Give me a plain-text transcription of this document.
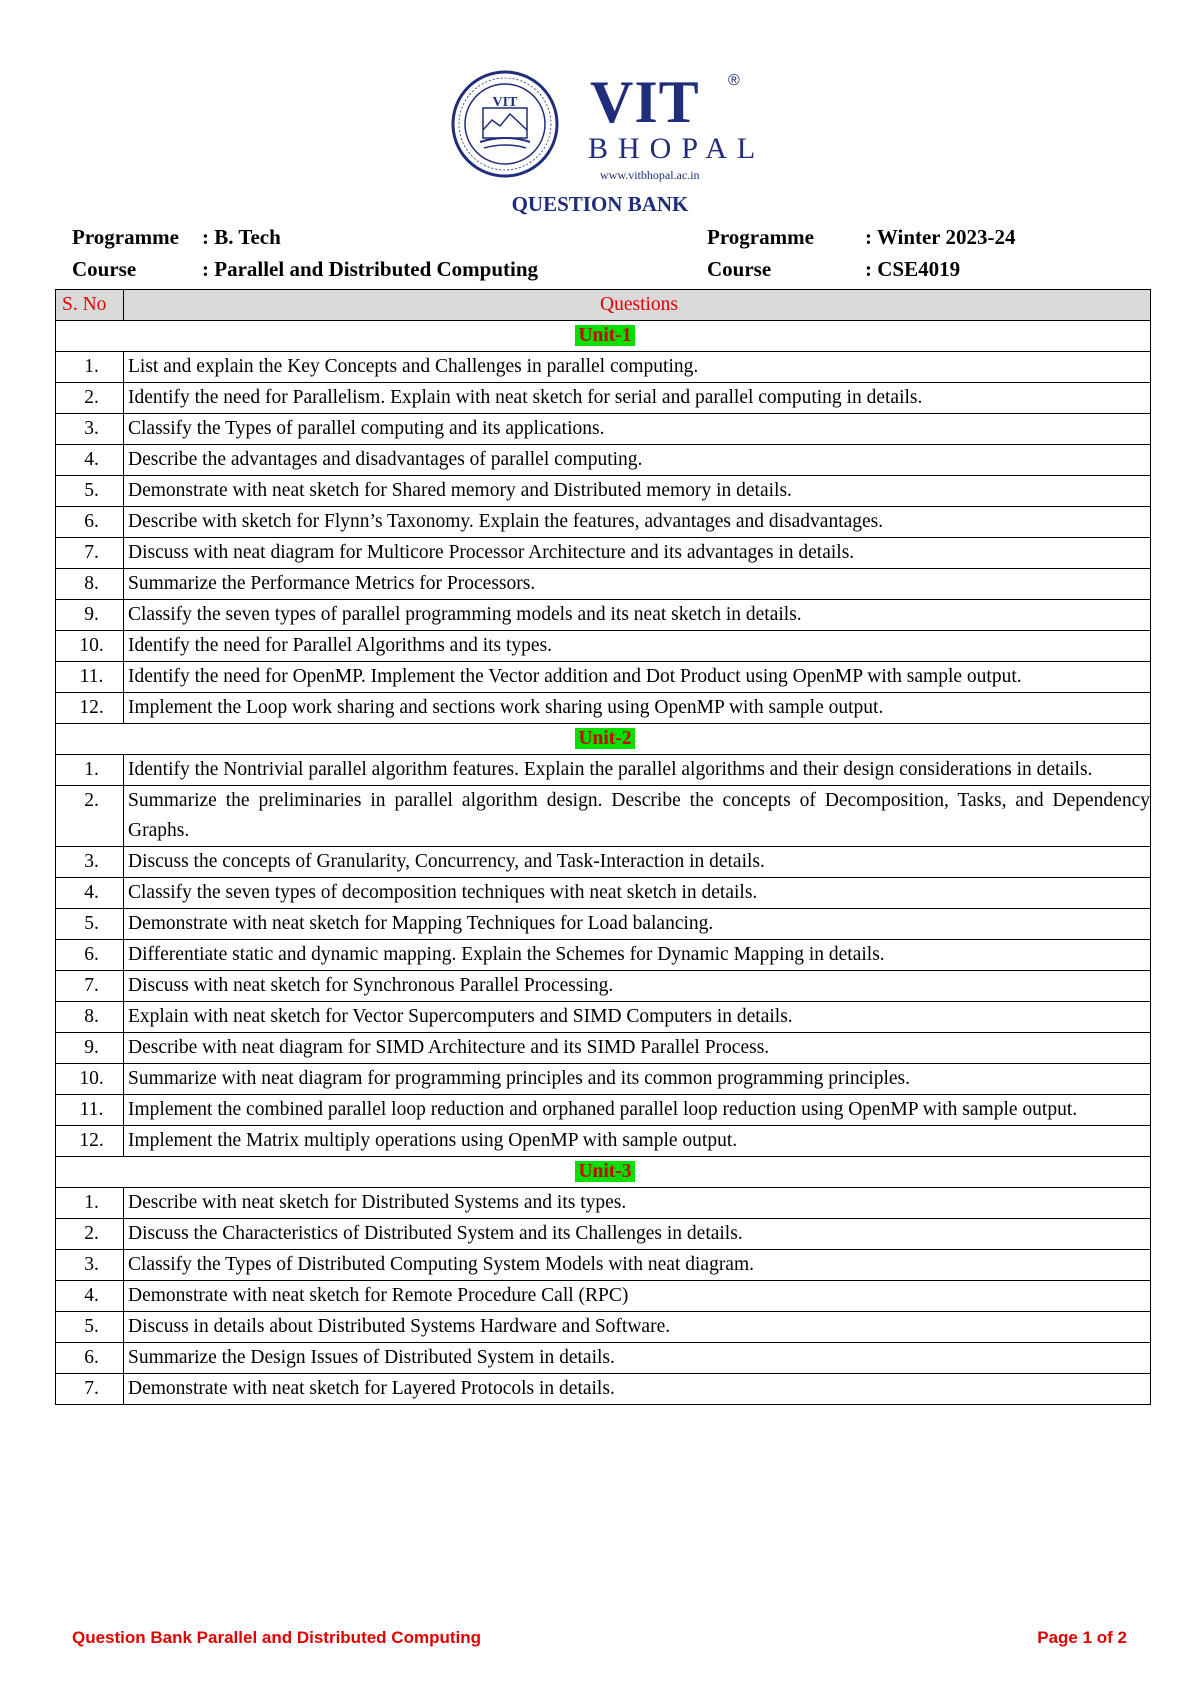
VIT VIT ®
BHOPAL
www.vitbhopal.ac.in
QUESTION BANK
Programme : B. Tech
Course	: Parallel and Distributed Computing
Programme : Winter 2023-24
Course	: CSE4019
S. No	Questions
Unit-1	
1.	List and explain the Key Concepts and Challenges in parallel computing.
2.	Identify the need for Parallelism. Explain with neat sketch for serial and parallel computing in details.
3.	Classify the Types of parallel computing and its applications.
4.	Describe the advantages and disadvantages of parallel computing.
5.	Demonstrate with neat sketch for Shared memory and Distributed memory in details.
6.	Describe with sketch for Flynn’s Taxonomy. Explain the features, advantages and disadvantages.
7.	Discuss with neat diagram for Multicore Processor Architecture and its advantages in details.
8.	Summarize the Performance Metrics for Processors.
9.	Classify the seven types of parallel programming models and its neat sketch in details.
10.	Identify the need for Parallel Algorithms and its types.
11.	Identify the need for OpenMP. Implement the Vector addition and Dot Product using OpenMP with sample output.
12.	Implement the Loop work sharing and sections work sharing using OpenMP with sample output.
Unit-2	
1.	Identify the Nontrivial parallel algorithm features. Explain the parallel algorithms and their design considerations in details.
2.	Summarize the preliminaries in parallel algorithm design. Describe the concepts of Decomposition, Tasks, and Dependency Graphs.
3.	Discuss the concepts of Granularity, Concurrency, and Task-Interaction in details.
4.	Classify the seven types of decomposition techniques with neat sketch in details.
5.	Demonstrate with neat sketch for Mapping Techniques for Load balancing.
6.	Differentiate static and dynamic mapping. Explain the Schemes for Dynamic Mapping in details.
7.	Discuss with neat sketch for Synchronous Parallel Processing.
8.	Explain with neat sketch for Vector Supercomputers and SIMD Computers in details.
9.	Describe with neat diagram for SIMD Architecture and its SIMD Parallel Process.
10.	Summarize with neat diagram for programming principles and its common programming principles.
11.	Implement the combined parallel loop reduction and orphaned parallel loop reduction using OpenMP with sample output.
12.	Implement the Matrix multiply operations using OpenMP with sample output.
Unit-3	
1.	Describe with neat sketch for Distributed Systems and its types.
2.	Discuss the Characteristics of Distributed System and its Challenges in details.
3.	Classify the Types of Distributed Computing System Models with neat diagram.
4.	Demonstrate with neat sketch for Remote Procedure Call (RPC)
5.	Discuss in details about Distributed Systems Hardware and Software.
6.	Summarize the Design Issues of Distributed System in details.
7.	Demonstrate with neat sketch for Layered Protocols in details.
Question Bank Parallel and Distributed Computing	Page 1 of 2
